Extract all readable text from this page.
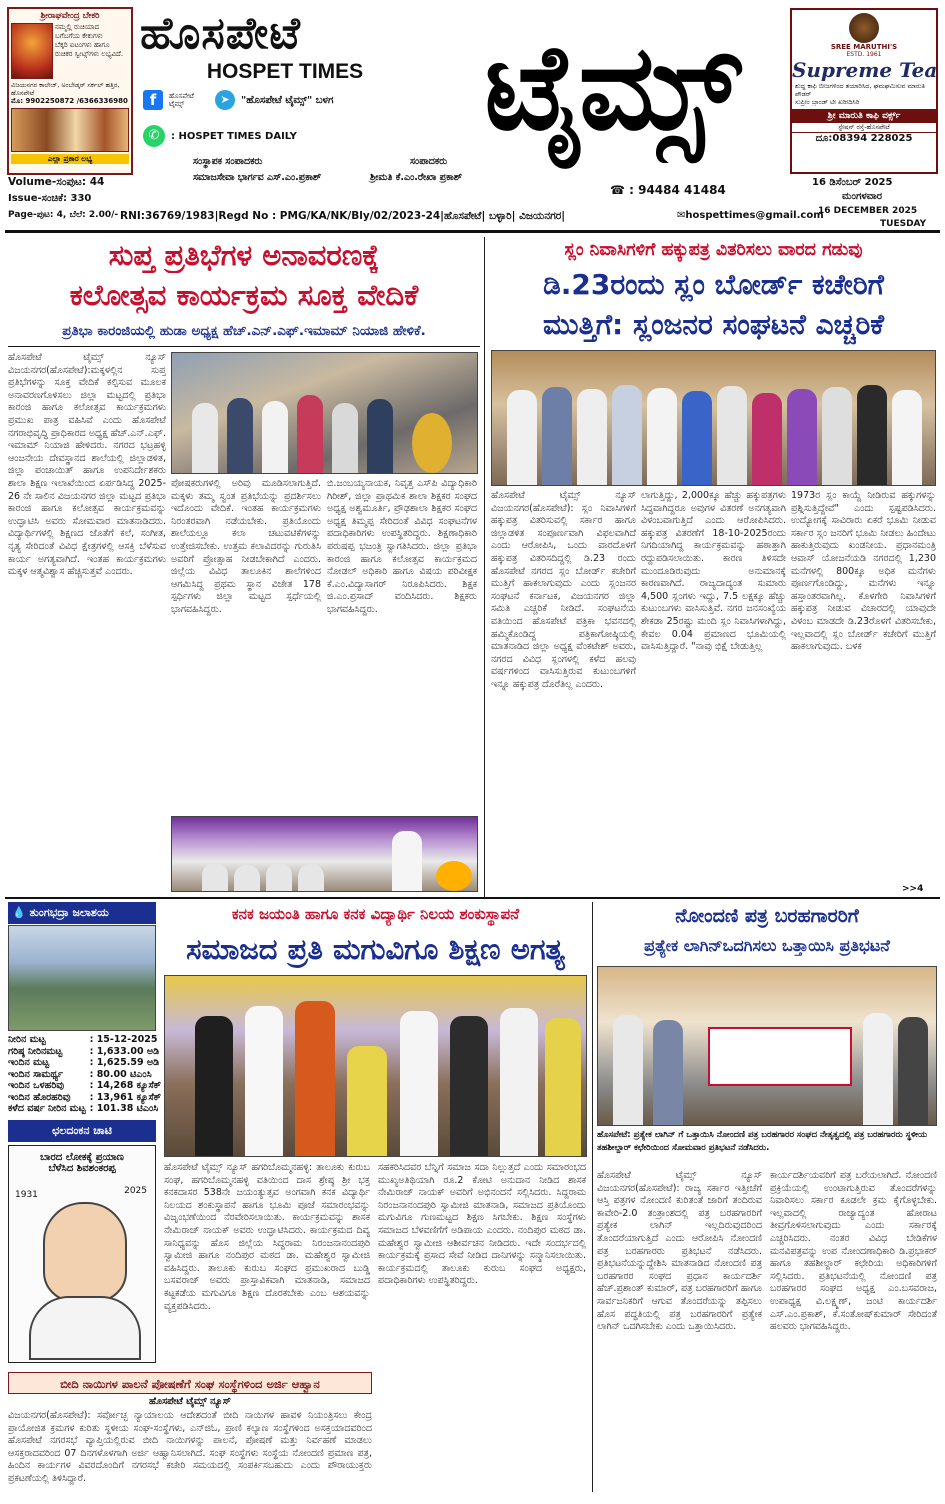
ಶ್ರೀರಾಘವೇಂದ್ರ ಬೇಕರಿ
ನಮ್ಮಲ್ಲಿ ರುಚಿಯಾದ
ಬಗೆಬಗೆಯ ಕೇಕುಗಳು
ಬೆಕ್ಕರಿ ಐಟಂಗಳು ಹಾಗೂ
ರುಚಿಕರ ಸ್ವೀಟ್ಸ್‌ಗಳು ಲಭ್ಯವಿದೆ.
ವಿಜಯನಗರ ಕಾಲೇಜ್, ಅಂಬೇಡ್ಕರ್ ಸರ್ಕಲ್ ಹತ್ತಿರ, ಹೊಸಪೇಟೆ
ಮೊ: 9902250872 /6366336980
ಎಲ್ಲಾ ಪ್ರಕಾರ ಲಭ್ಯ
ಹೊಸಪೇಟೆ
HOSPET TIMES
f	ಹೊಸಪೇಟೆ ಟೈಮ್ಸ್	➤	"ಹೊಸಪೇಟೆ ಟೈಮ್ಸ್" ಬಳಗ
✆	: HOSPET TIMES DAILY	ಟೈಮ್ಸ್	SREE MARUTHI'S
ESTD. 1961
Supreme Tea
ಶುದ್ಧ ಕಾಫಿ ಬೀಜಗಳಿಂದ ತಯಾರಿಸಿದ, ಘಮಘಮಿಸುವ ಮಾರುತಿ ಪೌಡರ್
ಸುಪ್ರೀಂ ಬ್ರಾಂಡ್ ಟೀ ಖರೀದಿಸಿರಿ
ಶ್ರೀ ಮಾರುತಿ ಕಾಫಿ ವರ್ಕ್ಸ್
ಸ್ಟೇಷನ್ ರಸ್ತೆ-ಹೊಸಪೇಟೆ
ದೂ:08394 228025
ಸಂಸ್ಥಾಪಕ ಸಂಪಾದಕರು
ಸಮಾಜಸೇವಾ ಭಾರ್ಗವ ಎಸ್.ಎಂ.ಪ್ರಕಾಶ್
ಸಂಪಾದಕರು
ಶ್ರೀಮತಿ ಕೆ.ಎಂ.ರೇಖಾ ಪ್ರಕಾಶ್
Volume-ಸಂಪುಟ: 44
Issue-ಸಂಚಿಕೆ: 330
Page-ಪುಟ: 4, ಬೆಲೆ: 2.00/-
☎ : 94484 41484
16 ಡಿಸೆಂಬರ್ 2025
ಮಂಗಳವಾರ
16 DECEMBER 2025
TUESDAY
RNI:36769/1983|Regd No : PMG/KA/NK/Bly/02/2023-24|ಹೊಸಪೇಟೆ| ಬಳ್ಳಾರಿ| ವಿಜಯನಗರ|	✉hospettimes@gmail.com
ಸುಪ್ತ ಪ್ರತಿಭೆಗಳ ಅನಾವರಣಕ್ಕೆ
ಕಲೋತ್ಸವ ಕಾರ್ಯಕ್ರಮ ಸೂಕ್ತ ವೇದಿಕೆ
ಪ್ರತಿಭಾ ಕಾರಂಜಿಯಲ್ಲಿ ಹುಡಾ ಅಧ್ಯಕ್ಷ ಹೆಚ್.ಎನ್.ಎಫ್.ಇಮಾಮ್ ನಿಯಾಜಿ ಹೇಳಿಕೆ.
ಹೊಸಪೇಟೆ ಟೈಮ್ಸ್ ನ್ಯೂಸ್ ವಿಜಯನಗರ(ಹೊಸಪೇಟೆ):ಮಕ್ಕಳಲ್ಲಿನ ಸುಪ್ತ ಪ್ರತಿಭೆಗಳನ್ನು ಸೂಕ್ತ ವೇದಿಕೆ ಕಲ್ಪಿಸುವ ಮೂಲಕ ಅನಾವರಣಗೊಳಿಸಲು ಜಿಲ್ಲಾ ಮಟ್ಟದಲ್ಲಿ ಪ್ರತಿಭಾ ಕಾರಂಜಿ ಹಾಗೂ ಕಲೋತ್ಸವ ಕಾರ್ಯಕ್ರಮಗಳು ಪ್ರಮುಖ ಪಾತ್ರ ವಹಿಸಿವೆ ಎಂದು ಹೊಸಪೇಟೆ ನಗರಾಭಿವೃದ್ಧಿ ಪ್ರಾಧಿಕಾರದ ಅಧ್ಯಕ್ಷ ಹೆಚ್.ಎನ್.ಎಫ್. ಇಮಾಮ್ ನಿಯಾಜಿ ಹೇಳಿದರು. ನಗರದ ಭಟ್ರಹಳ್ಳಿ ಆಂಜನೇಯ ದೇವಸ್ಥಾನದ ಶಾಲೆಯಲ್ಲಿ ಜಿಲ್ಲಾಡಳಿತ, ಜಿಲ್ಲಾ ಪಂಚಾಯಿತ್ ಹಾಗೂ ಉಪನಿರ್ದೇಶಕರು ಶಾಲಾ ಶಿಕ್ಷಣ ಇಲಾಖೆಯಿಂದ ಏರ್ಪಡಿಸಿದ್ದ 2025-26 ನೇ ಸಾಲಿನ ವಿಜಯನಗರ ಜಿಲ್ಲಾ ಮಟ್ಟದ ಪ್ರತಿಭಾ ಕಾರಂಜಿ ಹಾಗೂ ಕಲೋತ್ಸವ ಕಾರ್ಯಕ್ರಮವನ್ನು ಉದ್ಘಾಟಿಸಿ ಅವರು ಸೋಮವಾರ ಮಾತನಾಡಿದರು. ವಿದ್ಯಾರ್ಥಿಗಳಲ್ಲಿ ಶಿಕ್ಷಣದ ಜೊತೆಗೆ ಕಲೆ, ಸಂಗೀತ, ನೃತ್ಯ ಸೇರಿದಂತೆ ವಿವಿಧ ಕ್ಷೇತ್ರಗಳಲ್ಲಿ ಆಸಕ್ತಿ ಬೆಳೆಸುವ ಕಾರ್ಯ ಅಗತ್ಯವಾಗಿದೆ. ಇಂತಹ ಕಾರ್ಯಕ್ರಮಗಳು ಮಕ್ಕಳ ಆತ್ಮವಿಶ್ವಾಸ ಹೆಚ್ಚಿಸುತ್ತವೆ ಎಂದರು.
ಪೋಷಕರುಗಳಲ್ಲಿ ಅರಿವು ಮೂಡಿಸಲಾಗುತ್ತಿದೆ. ಮಕ್ಕಳು ತಮ್ಮ ಸ್ವಂತ ಪ್ರತಿಭೆಯನ್ನು ಪ್ರದರ್ಶಿಸಲು ಇದೊಂದು ವೇದಿಕೆ. ಇಂತಹ ಕಾರ್ಯಕ್ರಮಗಳು ನಿರಂತರವಾಗಿ ನಡೆಯಬೇಕು. ಪ್ರತಿಯೊಂದು ಶಾಲೆಯಲ್ಲೂ ಕಲಾ ಚಟುವಟಿಕೆಗಳನ್ನು ಉತ್ತೇಜಿಸಬೇಕು. ಉತ್ತಮ ಕಲಾವಿದರನ್ನು ಗುರುತಿಸಿ ಅವರಿಗೆ ಪ್ರೋತ್ಸಾಹ ನೀಡಬೇಕಾಗಿದೆ ಎಂದರು. ಜಿಲ್ಲೆಯ ವಿವಿಧ ತಾಲೂಕಿನ ಶಾಲೆಗಳಿಂದ ಆಗಮಿಸಿದ್ದ ಪ್ರಥಮ ಸ್ಥಾನ ವಿಜೇತ 178 ಸ್ಪರ್ಧಿಗಳು ಜಿಲ್ಲಾ ಮಟ್ಟದ ಸ್ಪರ್ಧೆಯಲ್ಲಿ ಭಾಗವಹಿಸಿದ್ದರು.
ಬಿ.ಜಂಬಯ್ಯನಾಯಕ, ನಿವೃತ್ತ ಎಸ್‌ಪಿ ವಿದ್ಯಾಧಿಕಾರಿ ಗಿರೀಶ್, ಜಿಲ್ಲಾ ಪ್ರಾಥಮಿಕ ಶಾಲಾ ಶಿಕ್ಷಕರ ಸಂಘದ ಅಧ್ಯಕ್ಷ ಅಶ್ವಮೂರ್ತಿ, ಪ್ರೌಢಶಾಲಾ ಶಿಕ್ಷಕರ ಸಂಘದ ಅಧ್ಯಕ್ಷ ತಿಮ್ಮಪ್ಪ ಸೇರಿದಂತೆ ವಿವಿಧ ಸಂಘಟನೆಗಳ ಪದಾಧಿಕಾರಿಗಳು ಉಪಸ್ಥಿತರಿದ್ದರು. ಶಿಕ್ಷಣಾಧಿಕಾರಿ ಪರುಷಪ್ಪ ಭಜಂತ್ರಿ ಸ್ವಾಗತಿಸಿದರು. ಜಿಲ್ಲಾ ಪ್ರತಿಭಾ ಕಾರಂಜಿ ಹಾಗೂ ಕಲೋತ್ಸವ ಕಾರ್ಯಕ್ರಮದ ನೋಡಲ್ ಅಧಿಕಾರಿ ಹಾಗೂ ವಿಷಯ ಪರಿವೀಕ್ಷಕ ಕೆ.ಎಂ.ವಿದ್ಯಾಸಾಗರ್ ನಿರೂಪಿಸಿದರು. ಶಿಕ್ಷಕ ಜಿ.ಎಂ.ಪ್ರಸಾದ್ ವಂದಿಸಿದರು. ಶಿಕ್ಷಕರು ಭಾಗವಹಿಸಿದ್ದರು.
ಸ್ಲಂ ನಿವಾಸಿಗಳಿಗೆ ಹಕ್ಕುಪತ್ರ ವಿತರಿಸಲು ವಾರದ ಗಡುವು
ಡಿ.23ರಂದು ಸ್ಲಂ ಬೋರ್ಡ್ ಕಚೇರಿಗೆ
ಮುತ್ತಿಗೆ: ಸ್ಲಂಜನರ ಸಂಘಟನೆ ಎಚ್ಚರಿಕೆ
ಹೊಸಪೇಟೆ ಟೈಮ್ಸ್ ನ್ಯೂಸ್ ವಿಜಯನಗರ(ಹೊಸಪೇಟೆ): ಸ್ಲಂ ನಿವಾಸಿಗಳಿಗೆ ಹಕ್ಕುಪತ್ರ ವಿತರಿಸುವಲ್ಲಿ ಸರ್ಕಾರ ಹಾಗೂ ಜಿಲ್ಲಾಡಳಿತ ಸಂಪೂರ್ಣವಾಗಿ ವಿಫಲವಾಗಿದೆ ಎಂದು ಆರೋಪಿಸಿ, ಒಂದು ವಾರದೊಳಗೆ ಹಕ್ಕುಪತ್ರ ವಿತರಿಸದಿದ್ದಲ್ಲಿ ಡಿ.23 ರಂದು ಹೊಸಪೇಟೆ ನಗರದ ಸ್ಲಂ ಬೋರ್ಡ್ ಕಚೇರಿಗೆ ಮುತ್ತಿಗೆ ಹಾಕಲಾಗುವುದು ಎಂದು ಸ್ಲಂಜನರ ಸಂಘಟನೆ ಕರ್ನಾಟಕ, ವಿಜಯನಗರ ಜಿಲ್ಲಾ ಸಮಿತಿ ಎಚ್ಚರಿಕೆ ನೀಡಿದೆ. ಸಂಘಟನೆಯ ವತಿಯಿಂದ ಹೊಸಪೇಟೆ ಪತ್ರಿಕಾ ಭವನದಲ್ಲಿ ಹಮ್ಮಿಕೊಂಡಿದ್ದ ಪತ್ರಿಕಾಗೋಷ್ಠಿಯಲ್ಲಿ ಮಾತನಾಡಿದ ಜಿಲ್ಲಾ ಅಧ್ಯಕ್ಷ ವೆಂಕಟೇಶ್ ಅವರು, ನಗರದ ವಿವಿಧ ಸ್ಲಂಗಳಲ್ಲಿ ಕಳೆದ ಹಲವು ವರ್ಷಗಳಿಂದ ವಾಸಿಸುತ್ತಿರುವ ಕುಟುಂಬಗಳಿಗೆ ಇನ್ನೂ ಹಕ್ಕುಪತ್ರ ದೊರೆತಿಲ್ಲ ಎಂದರು.
ಲಾಗುತ್ತಿದ್ದು, 2,000ಕ್ಕೂ ಹೆಚ್ಚು ಹಕ್ಕುಪತ್ರಗಳು ಸಿದ್ಧವಾಗಿದ್ದರೂ ಅವುಗಳ ವಿತರಣೆ ಅನಗತ್ಯವಾಗಿ ವಿಳಂಬವಾಗುತ್ತಿದೆ ಎಂದು ಆರೋಪಿಸಿದರು. ಹಕ್ಕುಪತ್ರ ವಿತರಣೆಗೆ 18-10-2025ರಂದು ನಿಗದಿಯಾಗಿದ್ದ ಕಾರ್ಯಕ್ರಮವನ್ನು ಹಠಾತ್ತಾಗಿ ರದ್ದುಪಡಿಸಲಾಯಿತು. ಕಾರಣ ತಿಳಿಸದೇ ಮುಂದೂಡಿರುವುದು ಅನುಮಾನಕ್ಕೆ ಕಾರಣವಾಗಿದೆ. ರಾಜ್ಯದಾದ್ಯಂತ ಸುಮಾರು 4,500 ಸ್ಲಂಗಳು ಇದ್ದು, 7.5 ಲಕ್ಷಕ್ಕೂ ಹೆಚ್ಚು ಕುಟುಂಬಗಳು ವಾಸಿಸುತ್ತಿವೆ. ನಗರ ಜನಸಂಖ್ಯೆಯ ಶೇಕಡಾ 25ರಷ್ಟು ಮಂದಿ ಸ್ಲಂ ನಿವಾಸಿಗಳಾಗಿದ್ದು, ಕೇವಲ 0.04 ಪ್ರಮಾಣದ ಭೂಮಿಯಲ್ಲಿ ವಾಸಿಸುತ್ತಿದ್ದಾರೆ. "ನಾವು ಭಿಕ್ಷೆ ಬೇಡುತ್ತಿಲ್ಲ
1973ರ ಸ್ಲಂ ಕಾಯ್ದೆ ನೀಡಿರುವ ಹಕ್ಕುಗಳನ್ನು ಪ್ರಶ್ನಿಸುತ್ತಿದ್ದೇವೆ" ಎಂದು ಸ್ಪಷ್ಟಪಡಿಸಿದರು. ಉದ್ಯೋಗಕ್ಕೆ ಸಾವಿರಾರು ಏಕರೆ ಭೂಮಿ ನೀಡುವ ಸರ್ಕಾರ ಸ್ಲಂ ಜನರಿಗೆ ಭೂಮಿ ನೀಡಲು ಹಿಂದೇಟು ಹಾಕುತ್ತಿರುವುದು ಖಂಡನೀಯ. ಪ್ರಧಾನಮಂತ್ರಿ ಆವಾಸ್ ಯೋಜನೆಯಡಿ ನಗರದಲ್ಲಿ 1,230 ಮನೆಗಳಲ್ಲಿ 800ಕ್ಕೂ ಅಧಿಕ ಮನೆಗಳು ಪೂರ್ಣಗೊಂಡಿದ್ದು, ಮನೆಗಳು ಇನ್ನೂ ಹಸ್ತಾಂತರವಾಗಿಲ್ಲ. ಕೊಳಗೇರಿ ನಿವಾಸಿಗಳಿಗೆ ಹಕ್ಕುಪತ್ರ ನೀಡುವ ವಿಚಾರದಲ್ಲಿ ಯಾವುದೇ ವಿಳಂಬ ಮಾಡದೇ ಡಿ.23ರೊಳಗೆ ವಿತರಿಸಬೇಕು, ಇಲ್ಲವಾದಲ್ಲಿ ಸ್ಲಂ ಬೋರ್ಡ್ ಕಚೇರಿಗೆ ಮುತ್ತಿಗೆ ಹಾಕಲಾಗುವುದು. ಬಳಕ
>>4
💧 ತುಂಗಭದ್ರಾ ಜಲಾಶಯ
ನೀರಿನ ಮಟ್ಟ	: 15-12-2025
ಗರಿಷ್ಠ ನೀರಿನಮಟ್ಟ	: 1,633.00 ಅಡಿ
ಇಂದಿನ ಮಟ್ಟ	: 1,625.59 ಅಡಿ
ಇಂದಿನ ಸಾಮರ್ಥ್ಯ	: 80.00 ಟಿಎಂಸಿ
ಇಂದಿನ ಒಳಹರಿವು	: 14,268 ಕ್ಯೂಸೆಕ್
ಇಂದಿನ ಹೊರಹರಿವು	: 13,961 ಕ್ಯೂಸೆಕ್
ಕಳೆದ ವರ್ಷ ನೀರಿನ ಮಟ್ಟ	: 101.38 ಟಿಎಂಸಿ
ಛಲದಂಕನ ಚಾಟಿ
ಬಾರದ ಲೋಕಕ್ಕೆ ಪ್ರಯಾಣ
ಬೆಳೆಸಿದ ಶಿವಶಂಕರಪ್ಪ
1931	2025
ಕನಕ ಜಯಂತಿ ಹಾಗೂ ಕನಕ ವಿದ್ಯಾರ್ಥಿ ನಿಲಯ ಶಂಕುಸ್ಥಾಪನೆ
ಸಮಾಜದ ಪ್ರತಿ ಮಗುವಿಗೂ ಶಿಕ್ಷಣ ಅಗತ್ಯ
ಹೊಸಪೇಟೆ ಟೈಮ್ಸ್ ನ್ಯೂಸ್ ಹಗರಿಬೊಮ್ಮನಹಳ್ಳಿ: ತಾಲೂಕು ಕುರುಬ ಸಂಘ, ಹಗರಿಬೊಮ್ಮನಹಳ್ಳಿ ವತಿಯಿಂದ ದಾಸ ಶ್ರೇಷ್ಠ ಶ್ರೀ ಭಕ್ತ ಕನಕದಾಸರ 538ನೇ ಜಯಂತ್ಯುತ್ಸವ ಅಂಗವಾಗಿ ಕನಕ ವಿದ್ಯಾರ್ಥಿ ನಿಲಯದ ಶಂಕುಸ್ಥಾಪನೆ ಹಾಗೂ ಭೂಮಿ ಪೂಜೆ ಸಮಾರಂಭವನ್ನು ವಿಜೃಂಭಣೆಯಿಂದ ನೆರವೇರಿಸಲಾಯಿತು. ಕಾರ್ಯಕ್ರಮವನ್ನು ಶಾಸಕ ನೇಮಿರಾಜ್ ನಾಯಕ್ ಅವರು ಉದ್ಘಾಟಿಸಿದರು. ಕಾರ್ಯಕ್ರಮದ ದಿವ್ಯ ಸಾನಿಧ್ಯವನ್ನು ಹೊಸ ಜಿಲ್ಲೆಯ ಸಿದ್ದರಾಮ ನಿರಂಜನಾನಂದಪುರಿ ಸ್ವಾಮೀಜಿ ಹಾಗೂ ನಂದಿಪುರ ಮಠದ ಡಾ. ಮಹೇಶ್ವರ ಸ್ವಾಮೀಜಿ ವಹಿಸಿದ್ದರು. ತಾಲೂಕು ಕುರುಬ ಸಂಘದ ಪ್ರಮುಖರಾದ ಬುಡ್ಡಿ ಬಸವರಾಜ್ ಅವರು ಪ್ರಾಸ್ತಾವಿಕವಾಗಿ ಮಾತನಾಡಿ, ಸಮಾಜದ ಕಟ್ಟಕಡೆಯ ಮಗುವಿಗೂ ಶಿಕ್ಷಣ ದೊರಕಬೇಕು ಎಂಬ ಆಶಯವನ್ನು ವ್ಯಕ್ತಪಡಿಸಿದರು.
ಸಹಕರಿಸಿದವರ ಬೆನ್ನಿಗೆ ಸಮಾಜ ಸದಾ ನಿಲ್ಲುತ್ತದೆ ಎಂದು ಸಮಾರಂಭದ ಮುಖ್ಯಅತಿಥಿಯಾಗಿ ರೂ.2 ಕೋಟಿ ಅನುದಾನ ನೀಡಿದ ಶಾಸಕ ನೇಮಿರಾಜ್ ನಾಯಕ್ ಅವರಿಗೆ ಅಭಿನಂದನೆ ಸಲ್ಲಿಸಿದರು. ಸಿದ್ದರಾಮ ನಿರಂಜನಾನಂದಪುರಿ ಸ್ವಾಮೀಜಿ ಮಾತನಾಡಿ, ಸಮಾಜದ ಪ್ರತಿಯೊಂದು ಮಗುವಿಗೂ ಗುಣಮಟ್ಟದ ಶಿಕ್ಷಣ ಸಿಗಬೇಕು. ಶಿಕ್ಷಣ ಸಂಸ್ಥೆಗಳು ಸಮಾಜದ ಬೆಳವಣಿಗೆಗೆ ಅಡಿಪಾಯ ಎಂದರು. ನಂದಿಪುರ ಮಠದ ಡಾ. ಮಹೇಶ್ವರ ಸ್ವಾಮೀಜಿ ಆಶೀರ್ವಚನ ನೀಡಿದರು. ಇದೇ ಸಂದರ್ಭದಲ್ಲಿ ಕಾರ್ಯಕ್ರಮಕ್ಕೆ ಪ್ರಸಾದ ಸೇವೆ ನೀಡಿದ ದಾನಿಗಳನ್ನು ಸನ್ಮಾನಿಸಲಾಯಿತು. ಕಾರ್ಯಕ್ರಮದಲ್ಲಿ ತಾಲೂಕು ಕುರುಬ ಸಂಘದ ಅಧ್ಯಕ್ಷರು, ಪದಾಧಿಕಾರಿಗಳು ಉಪಸ್ಥಿತರಿದ್ದರು.
ನೋಂದಣಿ ಪತ್ರ ಬರಹಗಾರರಿಗೆ
ಪ್ರತ್ಯೇಕ ಲಾಗಿನ್‌ಒದಗಿಸಲು ಒತ್ತಾಯಿಸಿ ಪ್ರತಿಭಟನೆ
ಹೊಸಪೇಟೆ: ಪ್ರತ್ಯೇಕ ಲಾಗಿನ್ ಗೆ ಒತ್ತಾಯಿಸಿ ನೋಂದಣಿ ಪತ್ರ ಬರಹಗಾರರ ಸಂಘದ ನೇತೃತ್ವದಲ್ಲಿ ಪತ್ರ ಬರಹಗಾರರು ಸ್ಥಳೀಯ ತಹಶೀಲ್ದಾರ್ ಕಛೇರಿಯಿಂದ ಸೋಮವಾರ ಪ್ರತಿಭಟನೆ ನಡೆಸಿದರು.
ಹೊಸಪೇಟೆ ಟೈಮ್ಸ್ ನ್ಯೂಸ್ ವಿಜಯನಗರ(ಹೊಸಪೇಟೆ): ರಾಜ್ಯ ಸರ್ಕಾರ ಇತ್ತೀಚೆಗೆ ಆಸ್ತಿ ಪತ್ರಗಳ ನೋಂದಣಿ ಕುರಿತಂತೆ ಜಾರಿಗೆ ತಂದಿರುವ ಕಾವೇರಿ-2.0 ತಂತ್ರಾಂಶದಲ್ಲಿ ಪತ್ರ ಬರಹಗಾರರಿಗೆ ಪ್ರತ್ಯೇಕ ಲಾಗಿನ್ ಇಲ್ಲದಿರುವುದರಿಂದ ತೊಂದರೆಯಾಗುತ್ತಿದೆ ಎಂದು ಆರೋಪಿಸಿ ನೋಂದಣಿ ಪತ್ರ ಬರಹಗಾರರು ಪ್ರತಿಭಟನೆ ನಡೆಸಿದರು. ಪ್ರತಿಭಟನೆಯನ್ನುದ್ದೇಶಿಸಿ ಮಾತನಾಡಿದ ನೋಂದಣಿ ಪತ್ರ ಬರಹಗಾರರ ಸಂಘದ ಪ್ರಧಾನ ಕಾರ್ಯದರ್ಶಿ ಹೆಚ್.ಪ್ರಶಾಂತ್ ಕುಮಾರ್, ಪತ್ರ ಬರಹಗಾರರಿಗೆ ಹಾಗೂ ಸಾರ್ವಜನಿಕರಿಗೆ ಆಗುವ ತೊಂದರೆಯನ್ನು ತಪ್ಪಿಸಲು ಹೊಸ ಪದ್ಧತಿಯಲ್ಲಿ ಪತ್ರ ಬರಹಗಾರರಿಗೆ ಪ್ರತ್ಯೇಕ ಲಾಗಿನ್ ಒದಗಿಸಬೇಕು ಎಂದು ಒತ್ತಾಯಿಸಿದರು.
ಕಾರ್ಯದರ್ಶಿಯವರಿಗೆ ಪತ್ರ ಬರೆಯಲಾಗಿದೆ. ನೋಂದಣಿ ಪ್ರಕ್ರಿಯೆಯಲ್ಲಿ ಉಂಟಾಗುತ್ತಿರುವ ತೊಂದರೆಗಳನ್ನು ನಿವಾರಿಸಲು ಸರ್ಕಾರ ಕೂಡಲೇ ಕ್ರಮ ಕೈಗೊಳ್ಳಬೇಕು. ಇಲ್ಲವಾದಲ್ಲಿ ರಾಜ್ಯಾದ್ಯಂತ ಹೋರಾಟ ತೀವ್ರಗೊಳಿಸಲಾಗುವುದು ಎಂದು ಸರ್ಕಾರಕ್ಕೆ ಎಚ್ಚರಿಸಿದರು. ನಂತರ ವಿವಿಧ ಬೇಡಿಕೆಗಳ ಮನವಿಪತ್ರವನ್ನು ಉಪ ನೋಂದಣಾಧಿಕಾರಿ ಡಿ.ಪ್ರಭಾಕರ್ ಹಾಗೂ ತಹಶೀಲ್ದಾರ್ ಕಛೇರಿಯ ಅಧಿಕಾರಿಗಳಿಗೆ ಸಲ್ಲಿಸಿದರು. ಪ್ರತಿಭಟನೆಯಲ್ಲಿ ನೋಂದಣಿ ಪತ್ರ ಬರಹಗಾರರ ಸಂಘದ ಅಧ್ಯಕ್ಷ ಎಂ.ಬಸವರಾಜ, ಉಪಾಧ್ಯಕ್ಷ ವಿ.ಲಕ್ಷ್ಮಣ್, ಜಂಟಿ ಕಾರ್ಯದರ್ಶಿ ಎಸ್.ಎಂ.ಪ್ರಕಾಶ್, ಕೆ.ಸಂತೋಷ್‌ಕುಮಾರ್ ಸೇರಿದಂತೆ ಹಲವರು ಭಾಗವಹಿಸಿದ್ದರು.
ಬೀದಿ ನಾಯಿಗಳ ಪಾಲನೆ ಪೋಷಣೆಗೆ ಸಂಘ ಸಂಸ್ಥೆಗಳಿಂದ ಅರ್ಜಿ ಆಹ್ವಾನ
ಹೊಸಪೇಟೆ ಟೈಮ್ಸ್ ನ್ಯೂಸ್
ವಿಜಯನಗರ(ಹೊಸಪೇಟೆ): ಸರ್ವೋಚ್ಛ ನ್ಯಾಯಾಲಯ ಆದೇಶದಂತೆ ಬೀದಿ ನಾಯಿಗಳ ಹಾವಳಿ ನಿಯಂತ್ರಿಸಲು ಕೇಂದ್ರ ಪ್ರಾಯೋಜಿತ ಕ್ರಮಗಳ ಕುರಿತು ಸ್ಥಳೀಯ ಸಂಘ-ಸಂಸ್ಥೆಗಳು, ಎನ್‌ಜಿಓ, ಪ್ರಾಣಿ ಕಲ್ಯಾಣ ಸಂಸ್ಥೆಗಳಿಂದ ಅಸಕ್ತಯಾದವರಿಂದ ಹೊಸಪೇಟೆ ನಗರಸಭೆ ವ್ಯಾಪ್ತಿಯಲ್ಲಿರುವ ಬೀದಿ ನಾಯಿಗಳನ್ನು ಪಾಲನೆ, ಪೋಷಣೆ ಮತ್ತು ನಿರ್ವಹಣೆ ಮಾಡಲು ಆಸಕ್ತರಾದವರಿಂದ 07 ದಿನಗಳೊಳಗಾಗಿ ಅರ್ಜಿ ಆಹ್ವಾನಿಸಲಾಗಿದೆ. ಸಂಘ ಸಂಸ್ಥೆಗಳು ಸಂಸ್ಥೆಯ ನೋಂದಣಿ ಪ್ರಮಾಣ ಪತ್ರ, ಹಿಂದಿನ ಕಾರ್ಯಗಳ ವಿವರದೊಂದಿಗೆ ನಗರಸಭೆ ಕಚೇರಿ ಸಮಯದಲ್ಲಿ ಸಂಪರ್ಕಿಸಬಹುದು ಎಂದು ಪೌರಾಯುಕ್ತರು ಪ್ರಕಟಣೆಯಲ್ಲಿ ತಿಳಿಸಿದ್ದಾರೆ.
